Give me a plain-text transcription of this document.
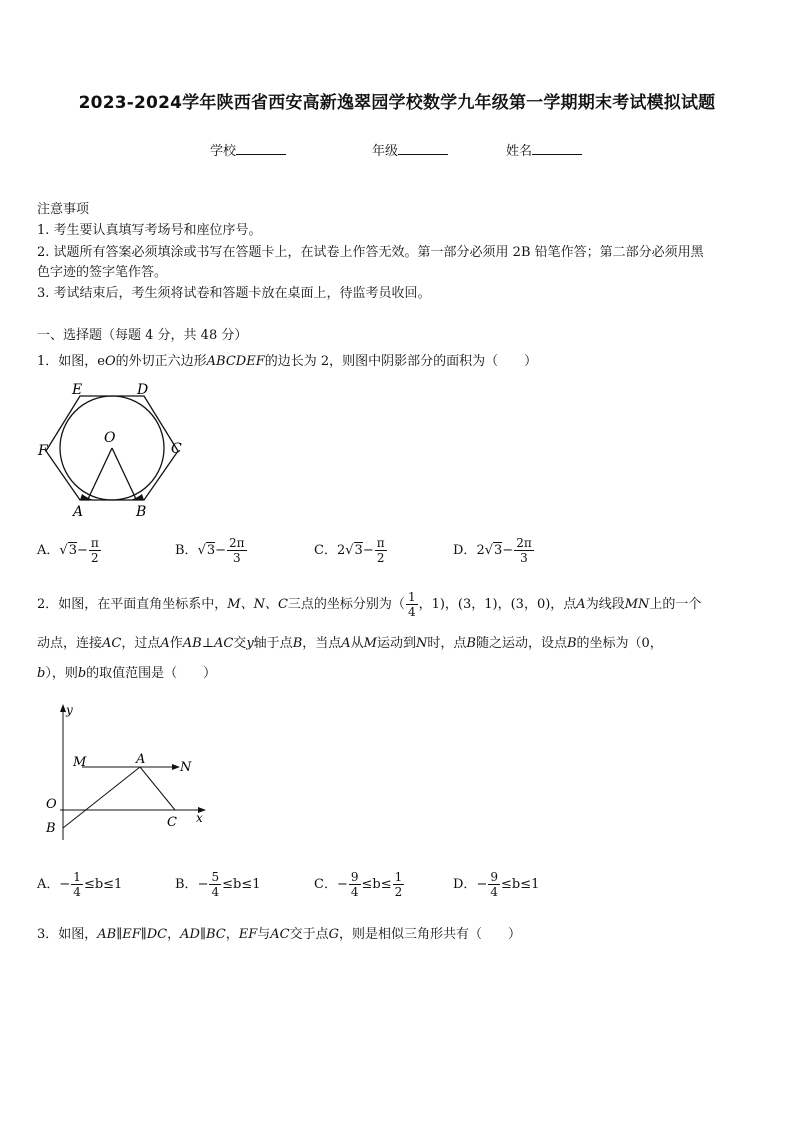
2023-2024学年陕西省西安高新逸翠园学校数学九年级第一学期期末考试模拟试题
学校	年级	姓名
注意事项
1. 考生要认真填写考场号和座位序号。
2. 试题所有答案必须填涂或书写在答题卡上，在试卷上作答无效。第一部分必须用 2B 铅笔作答；第二部分必须用黑
色字迹的签字笔作答。
3. 考试结束后，考生须将试卷和答题卡放在桌面上，待监考员收回。
一、选择题（每题 4 分，共 48 分）
1．如图，eO的外切正六边形ABCDEF的边长为 2，则图中阴影部分的面积为（　　）
E	D
F	C
O
A	B
A．$√3- \frac{\pi}{2}$	B．$√3- \frac{2\pi}{3}$	C．$2√3- \frac{\pi}{2}$	D．$2√3- \frac{2\pi}{3}$
2．如图，在平面直角坐标系中，M、N、C三点的坐标分别为（ $\frac{1}{4}$ ，1)，(3，1)，(3，0)，点A为线段MN上的一个
动点，连接AC，过点A作AB⊥AC交y轴于点B，当点A从M运动到N时，点B随之运动，设点B的坐标为（0，
b），则b的取值范围是（　　）
y
x
M	A
N
O
B	C
A．− $\frac{1}{4} \le b\le 1$	B．− $\frac{5}{4} \le b\le 1$	C．− $\frac{9}{4} \le b\le \frac{1}{2}$	D．− $\frac{9}{4} \le b\le 1$
3．如图，AB∥EF∥DC，AD∥BC，EF与AC交于点G，则是相似三角形共有（　　）
